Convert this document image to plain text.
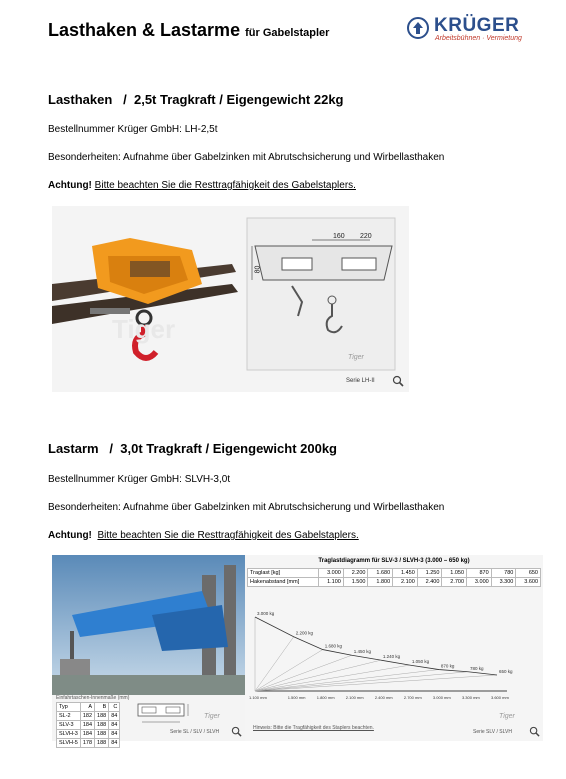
Lasthaken & Lastarme für Gabelstapler	KRÜGER
Arbeitsbühnen · Vermietung
Lasthaken   /  2,5t Tragkraft / Eigengewicht 22kg
Bestellnummer Krüger GmbH: LH-2,5t
Besonderheiten: Aufnahme über Gabelzinken mit Abrutschsicherung und Wirbellasthaken
Achtung! Bitte beachten Sie die Resttragfähigkeit des Gabelstaplers.
160 220
80
Tiger
Tiger
Serie LH-II
Lastarm   /  3,0t Tragkraft / Eigengewicht 200kg
Bestellnummer Krüger GmbH: SLVH-3,0t
Besonderheiten: Aufnahme über Gabelzinken mit Abrutschsicherung und Wirbellasthaken
Achtung! Bitte beachten Sie die Resttragfähigkeit des Gabelstaplers.
Einfahrtaschen-Innenmaße (mm)
Typ	A	B	C
SL-2	182	188	84
SLV-3	184	188	84
SLVH-3	184	188	84
SLVH-5	178	188	84
Tiger
Serie SL / SLV / SLVH
Traglastdiagramm für SLV-3 / SLVH-3 (3.000 – 650 kg)
Traglast [kg]	3.000	2.200	1.680	1.450	1.250	1.050	870	780	650
Hakenabstand [mm]	1.100	1.500	1.800	2.100	2.400	2.700	3.000	3.300	3.600
3.000 kg
1.100 mm
2.200 kg
1.500 mm
1.680 kg
1.800 mm
1.450 kg
2.100 mm
1.240 kg
2.400 mm
1.050 kg
2.700 mm
870 kg
3.000 mm
780 kg
3.300 mm
650 kg
3.600 mm
Hinweis: Bitte die Tragfähigkeit des Staplers beachten.
Tiger
Serie SLV / SLVH
